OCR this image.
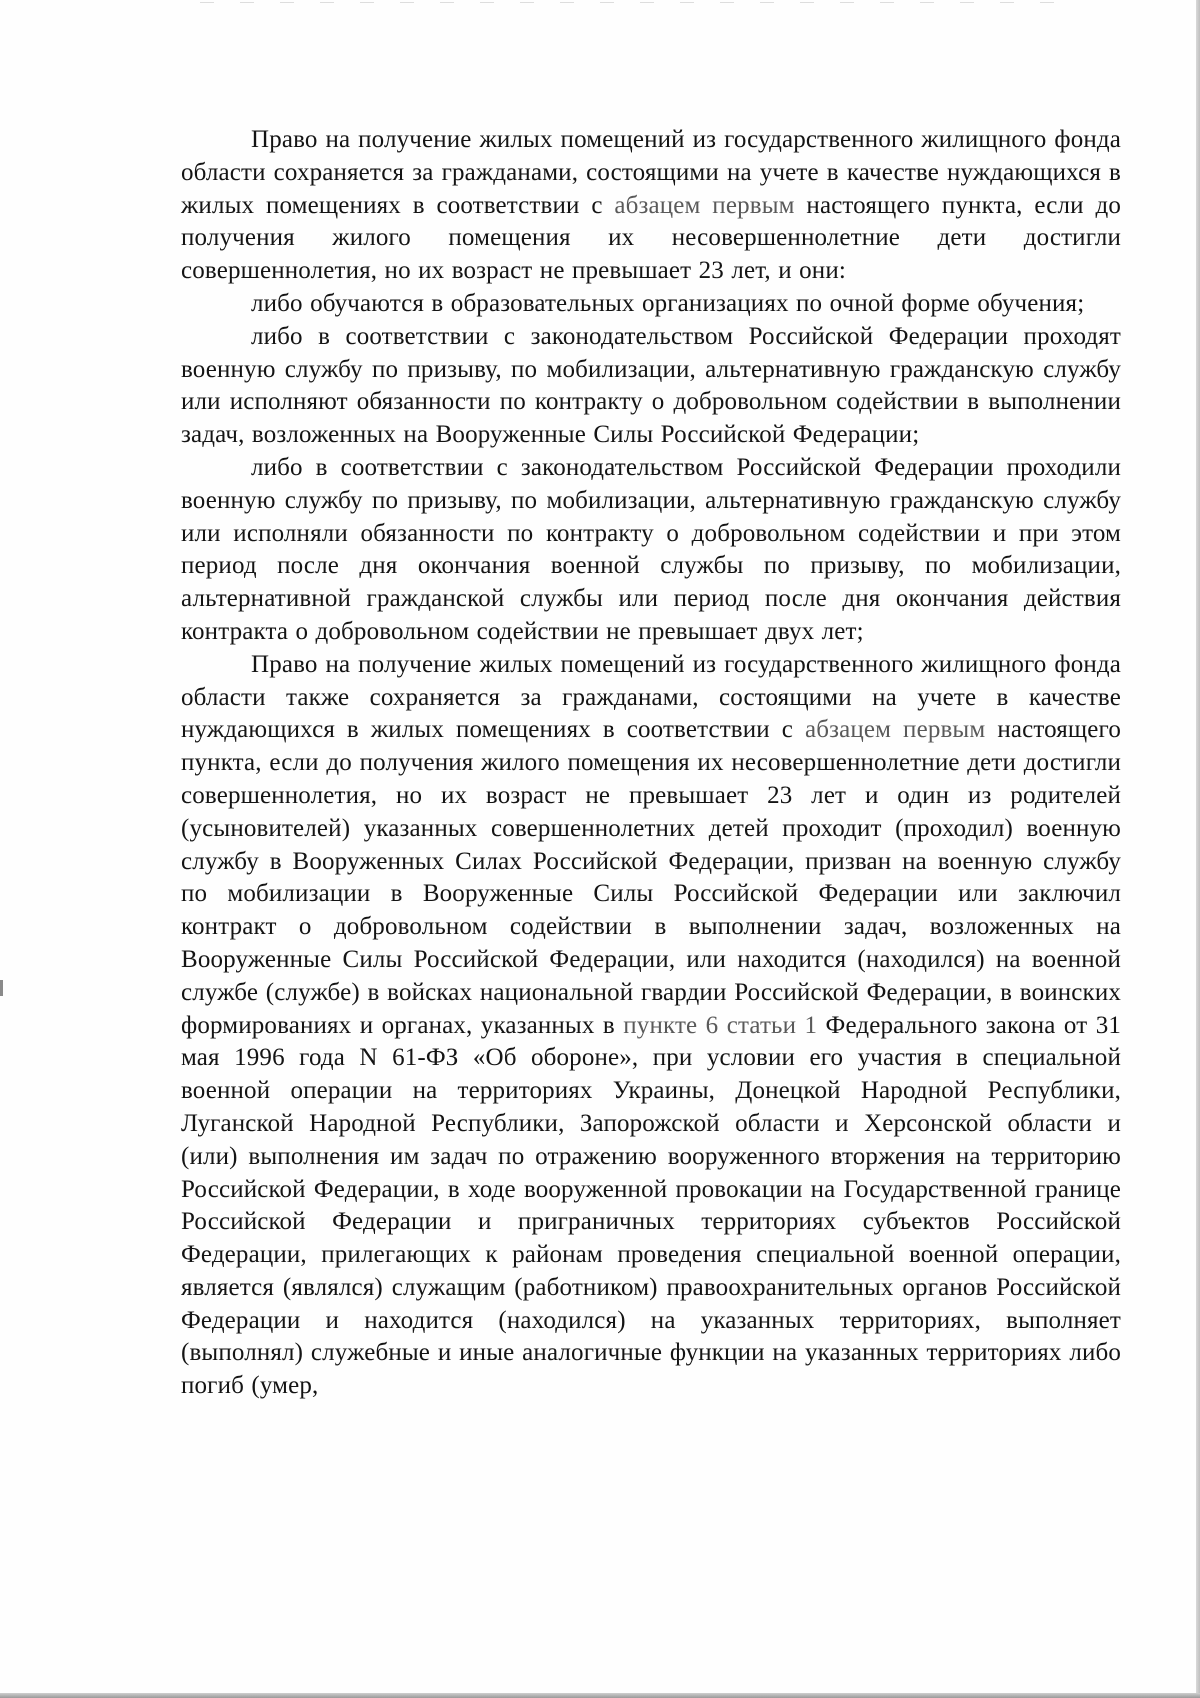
Право на получение жилых помещений из государственного жилищного фонда области сохраняется за гражданами, состоящими на учете в качестве нуждающихся в жилых помещениях в соответствии с абзацем первым настоящего пункта, если до получения жилого помещения их несовершеннолетние дети достигли совершеннолетия, но их возраст не превышает 23 лет, и они:

либо обучаются в образовательных организациях по очной форме обучения;

либо в соответствии с законодательством Российской Федерации проходят военную службу по призыву, по мобилизации, альтернативную гражданскую службу или исполняют обязанности по контракту о добровольном содействии в выполнении задач, возложенных на Вооруженные Силы Российской Федерации;

либо в соответствии с законодательством Российской Федерации проходили военную службу по призыву, по мобилизации, альтернативную гражданскую службу или исполняли обязанности по контракту о добровольном содействии и при этом период после дня окончания военной службы по призыву, по мобилизации, альтернативной гражданской службы или период после дня окончания действия контракта о добровольном содействии не превышает двух лет;

Право на получение жилых помещений из государственного жилищного фонда области также сохраняется за гражданами, состоящими на учете в качестве нуждающихся в жилых помещениях в соответствии с абзацем первым настоящего пункта, если до получения жилого помещения их несовершеннолетние дети достигли совершеннолетия, но их возраст не превышает 23 лет и один из родителей (усыновителей) указанных совершеннолетних детей проходит (проходил) военную службу в Вооруженных Силах Российской Федерации, призван на военную службу по мобилизации в Вооруженные Силы Российской Федерации или заключил контракт о добровольном содействии в выполнении задач, возложенных на Вооруженные Силы Российской Федерации, или находится (находился) на военной службе (службе) в войсках национальной гвардии Российской Федерации, в воинских формированиях и органах, указанных в пункте 6 статьи 1 Федерального закона от 31 мая 1996 года N 61-ФЗ «Об обороне», при условии его участия в специальной военной операции на территориях Украины, Донецкой Народной Республики, Луганской Народной Республики, Запорожской области и Херсонской области и (или) выполнения им задач по отражению вооруженного вторжения на территорию Российской Федерации, в ходе вооруженной провокации на Государственной границе Российской Федерации и приграничных территориях субъектов Российской Федерации, прилегающих к районам проведения специальной военной операции, является (являлся) служащим (работником) правоохранительных органов Российской Федерации и находится (находился) на указанных территориях, выполняет (выполнял) служебные и иные аналогичные функции на указанных территориях либо погиб (умер,
